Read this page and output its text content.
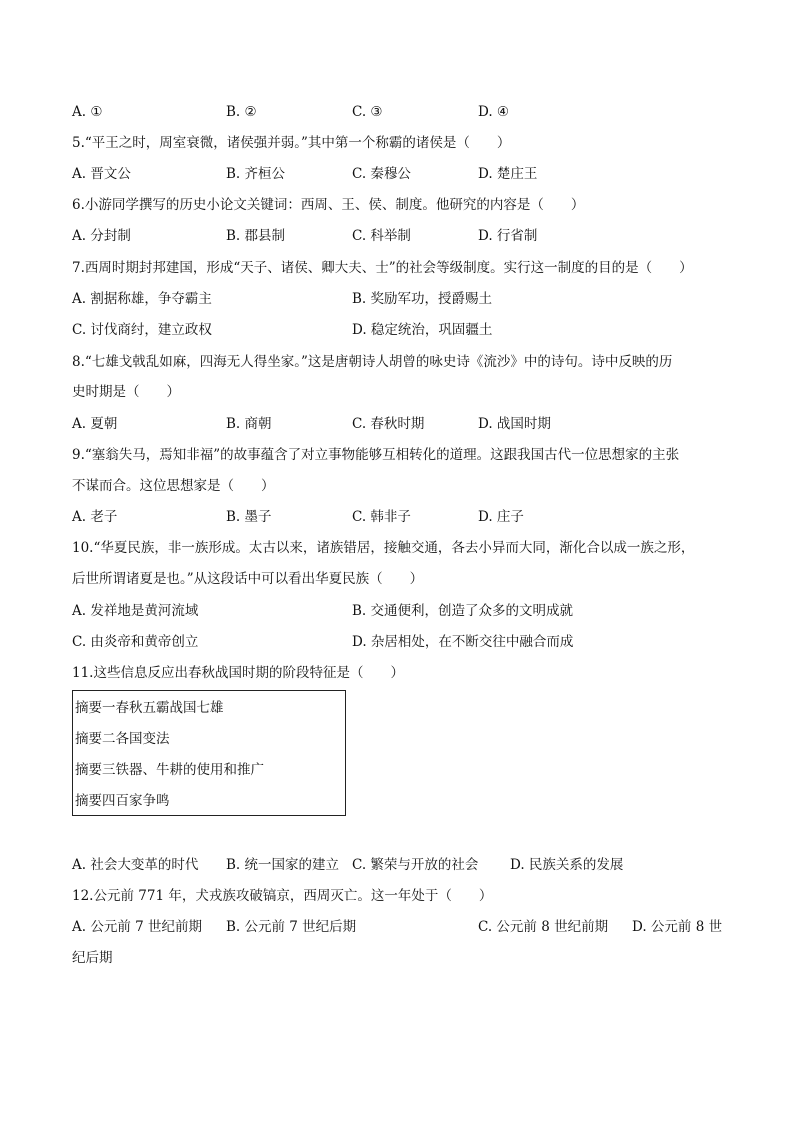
A. ①	B. ②	C. ③	D. ④
5.“平王之时，周室衰微，诸侯强并弱。”其中第一个称霸的诸侯是（　　）
A. 晋文公	B. 齐桓公	C. 秦穆公	D. 楚庄王
6.小游同学撰写的历史小论文关键词：西周、王、侯、制度。他研究的内容是（　　）
A. 分封制	B. 郡县制	C. 科举制	D. 行省制
7.西周时期封邦建国，形成“天子、诸侯、卿大夫、士”的社会等级制度。实行这一制度的目的是（　　）
A. 割据称雄，争夺霸主	B. 奖励军功，授爵赐土
C. 讨伐商纣，建立政权	D. 稳定统治，巩固疆土
8.“七雄戈戟乱如麻，四海无人得坐家。”这是唐朝诗人胡曾的咏史诗《流沙》中的诗句。诗中反映的历
史时期是（　　）
A. 夏朝	B. 商朝	C. 春秋时期	D. 战国时期
9.“塞翁失马，焉知非福”的故事蕴含了对立事物能够互相转化的道理。这跟我国古代一位思想家的主张
不谋而合。这位思想家是（　　）
A. 老子	B. 墨子	C. 韩非子	D. 庄子
10.“华夏民族，非一族形成。太古以来，诸族错居，接触交通，各去小异而大同，渐化合以成一族之形，
后世所谓诸夏是也。”从这段话中可以看出华夏民族（　　）
A. 发祥地是黄河流域	B. 交通便利，创造了众多的文明成就
C. 由炎帝和黄帝创立	D. 杂居相处，在不断交往中融合而成
11.这些信息反应出春秋战国时期的阶段特征是（　　）
摘要一春秋五霸战国七雄
摘要二各国变法
摘要三铁器、牛耕的使用和推广
摘要四百家争鸣
A. 社会大变革的时代 B. 统一国家的建立 C. 繁荣与开放的社会 D. 民族关系的发展
12.公元前 771 年，犬戎族攻破镐京，西周灭亡。这一年处于（　　）
A. 公元前 7 世纪前期 B. 公元前 7 世纪后期	C. 公元前 8 世纪前期 D. 公元前 8 世
纪后期
